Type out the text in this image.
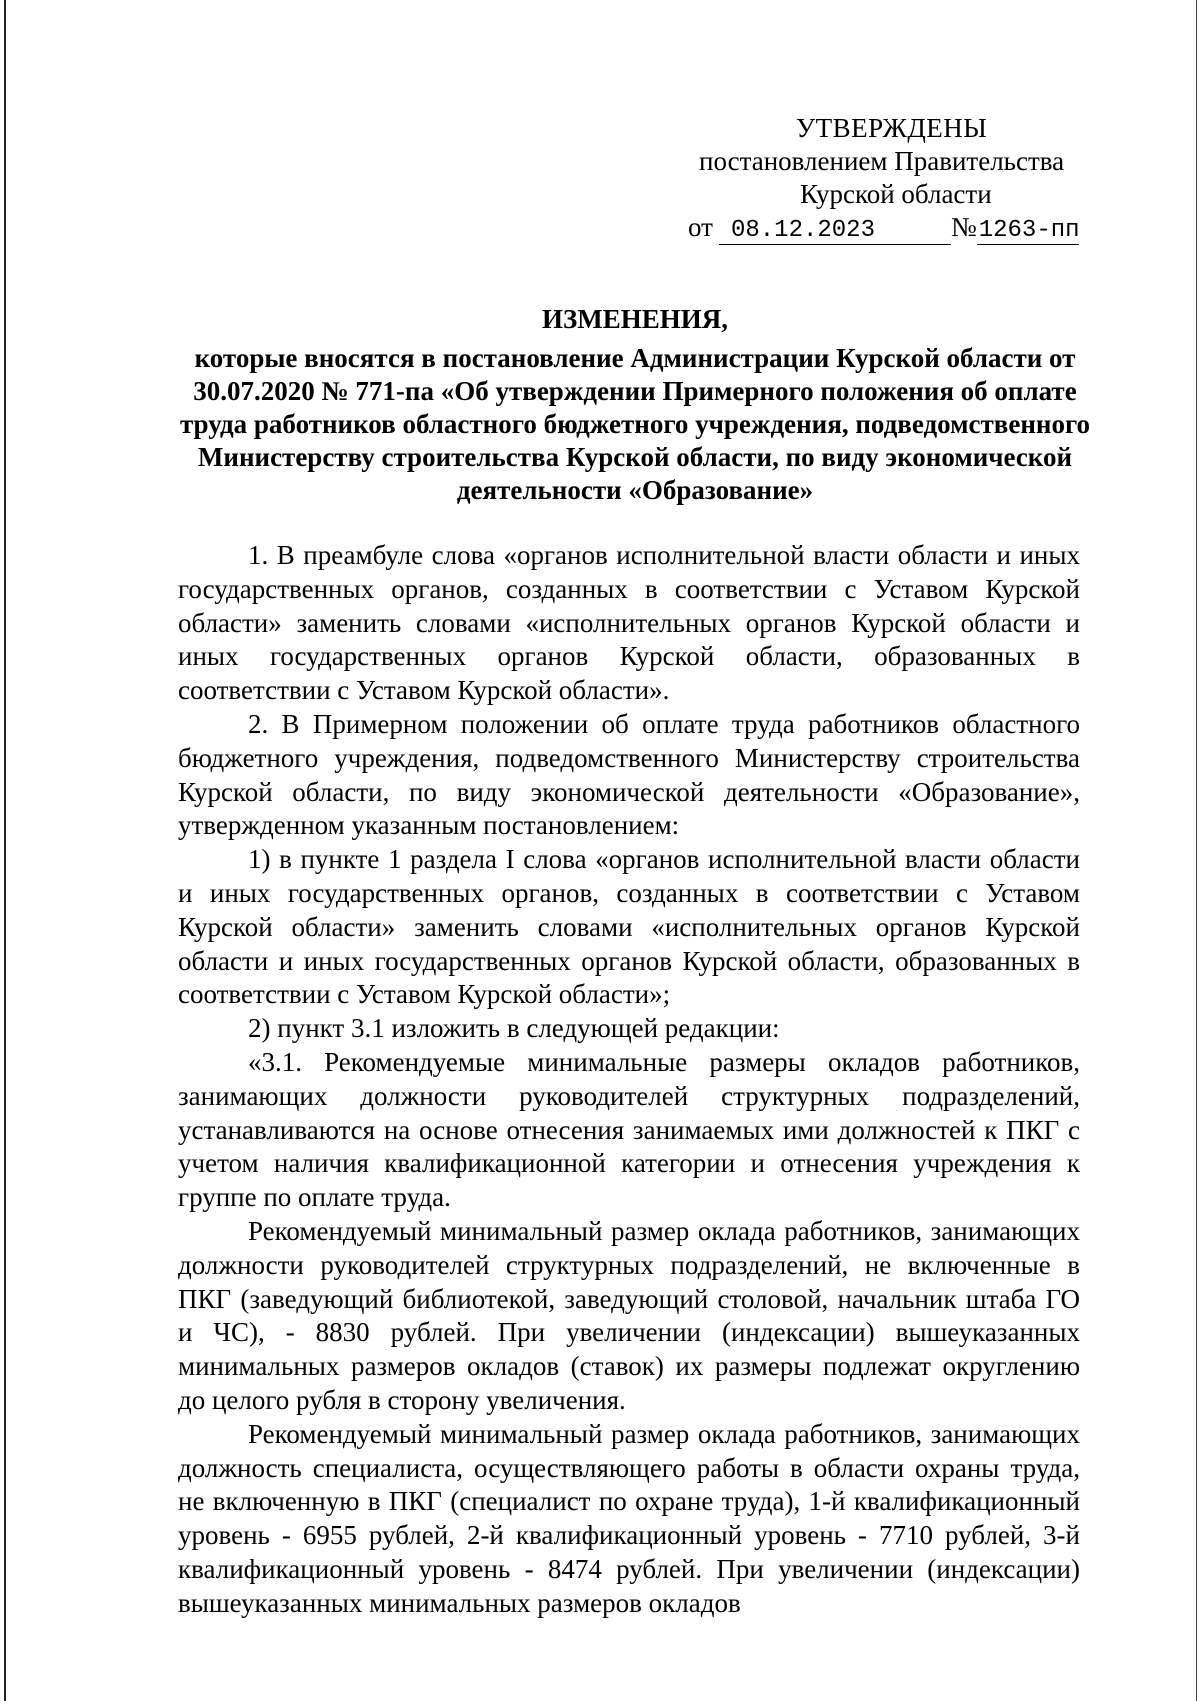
УТВЕРЖДЕНЫ
постановлением Правительства
Курской области
от 08.12.2023	№1263-пп
ИЗМЕНЕНИЯ,
которые вносятся в постановление Администрации Курской области от 30.07.2020 № 771-па «Об утверждении Примерного положения об оплате труда работников областного бюджетного учреждения, подведомственного Министерству строительства Курской области, по виду экономической деятельности «Образование»

1. В преамбуле слова «органов исполнительной власти области и иных государственных органов, созданных в соответствии с Уставом Курской области» заменить словами «исполнительных органов Курской области и иных государственных органов Курской области, образованных в соответствии с Уставом Курской области».

2. В Примерном положении об оплате труда работников областного бюджетного учреждения, подведомственного Министерству строительства Курской области, по виду экономической деятельности «Образование», утвержденном указанным постановлением:

1) в пункте 1 раздела I слова «органов исполнительной власти области и иных государственных органов, созданных в соответствии с Уставом Курской области» заменить словами «исполнительных органов Курской области и иных государственных органов Курской области, образованных в соответствии с Уставом Курской области»;

2) пункт 3.1 изложить в следующей редакции:

«3.1. Рекомендуемые минимальные размеры окладов работников, занимающих должности руководителей структурных подразделений, устанавливаются на основе отнесения занимаемых ими должностей к ПКГ с учетом наличия квалификационной категории и отнесения учреждения к группе по оплате труда.

Рекомендуемый минимальный размер оклада работников, занимающих должности руководителей структурных подразделений, не включенные в ПКГ (заведующий библиотекой, заведующий столовой, начальник штаба ГО и ЧС), - 8830 рублей. При увеличении (индексации) вышеуказанных минимальных размеров окладов (ставок) их размеры подлежат округлению до целого рубля в сторону увеличения.

Рекомендуемый минимальный размер оклада работников, занимающих должность специалиста, осуществляющего работы в области охраны труда, не включенную в ПКГ (специалист по охране труда), 1-й квалификационный уровень - 6955 рублей, 2-й квалификационный уровень - 7710 рублей, 3-й квалификационный уровень - 8474 рублей. При увеличении (индексации) вышеуказанных минимальных размеров окладов
